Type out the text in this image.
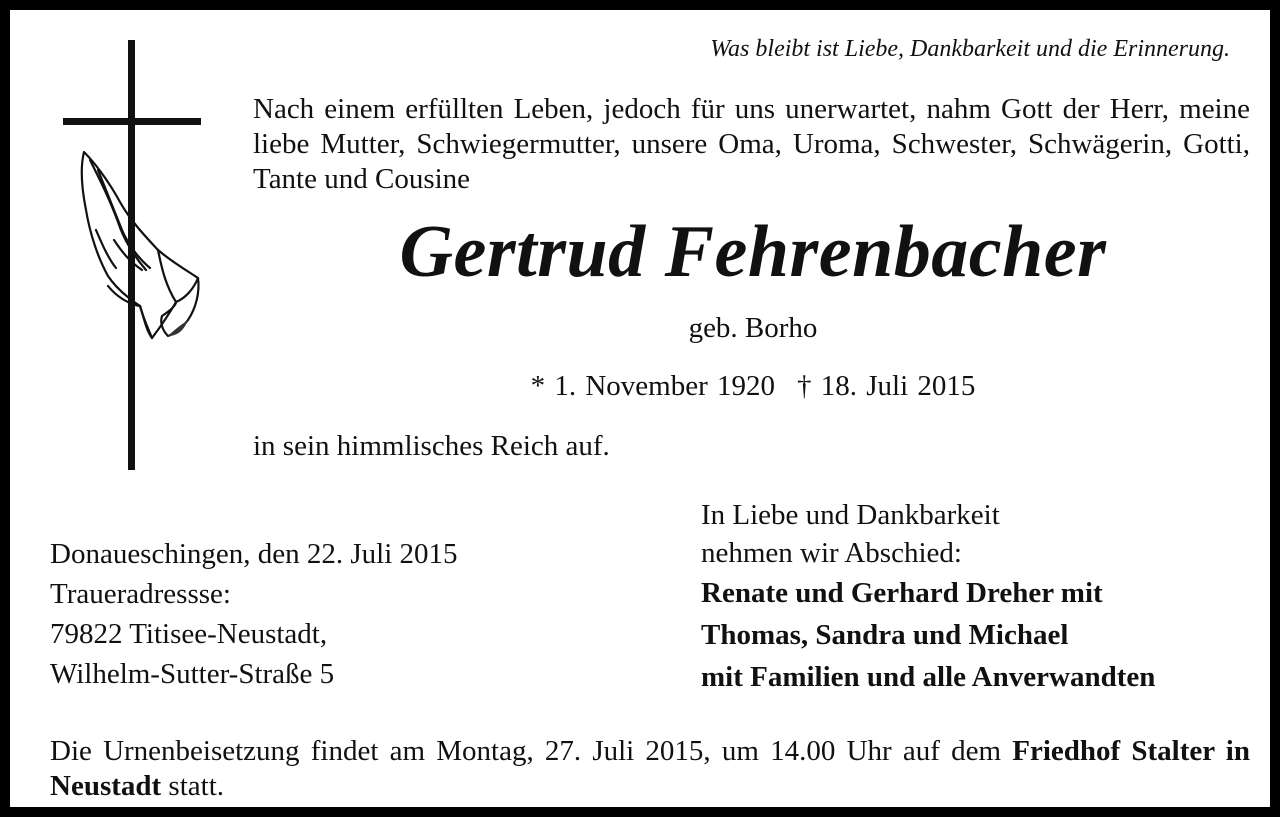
Was bleibt ist Liebe, Dankbarkeit und die Erinnerung.
Nach einem erfüllten Leben, jedoch für uns unerwartet, nahm Gott der Herr, meine liebe Mutter, Schwiegermutter, unsere Oma, Uroma, Schwester, Schwägerin, Gotti, Tante und Cousine
Gertrud Fehrenbacher
geb. Borho
* 1. November 1920 † 18. Juli 2015
in sein himmlisches Reich auf.
Donaueschingen, den 22. Juli 2015
Traueradressse:
79822 Titisee-Neustadt,
Wilhelm-Sutter-Straße 5
In Liebe und Dankbarkeit
nehmen wir Abschied:
Renate und Gerhard Dreher mit
Thomas, Sandra und Michael
mit Familien und alle Anverwandten
Die Urnenbeisetzung findet am Montag, 27. Juli 2015, um 14.00 Uhr auf dem Friedhof Stalter in Neustadt statt.
